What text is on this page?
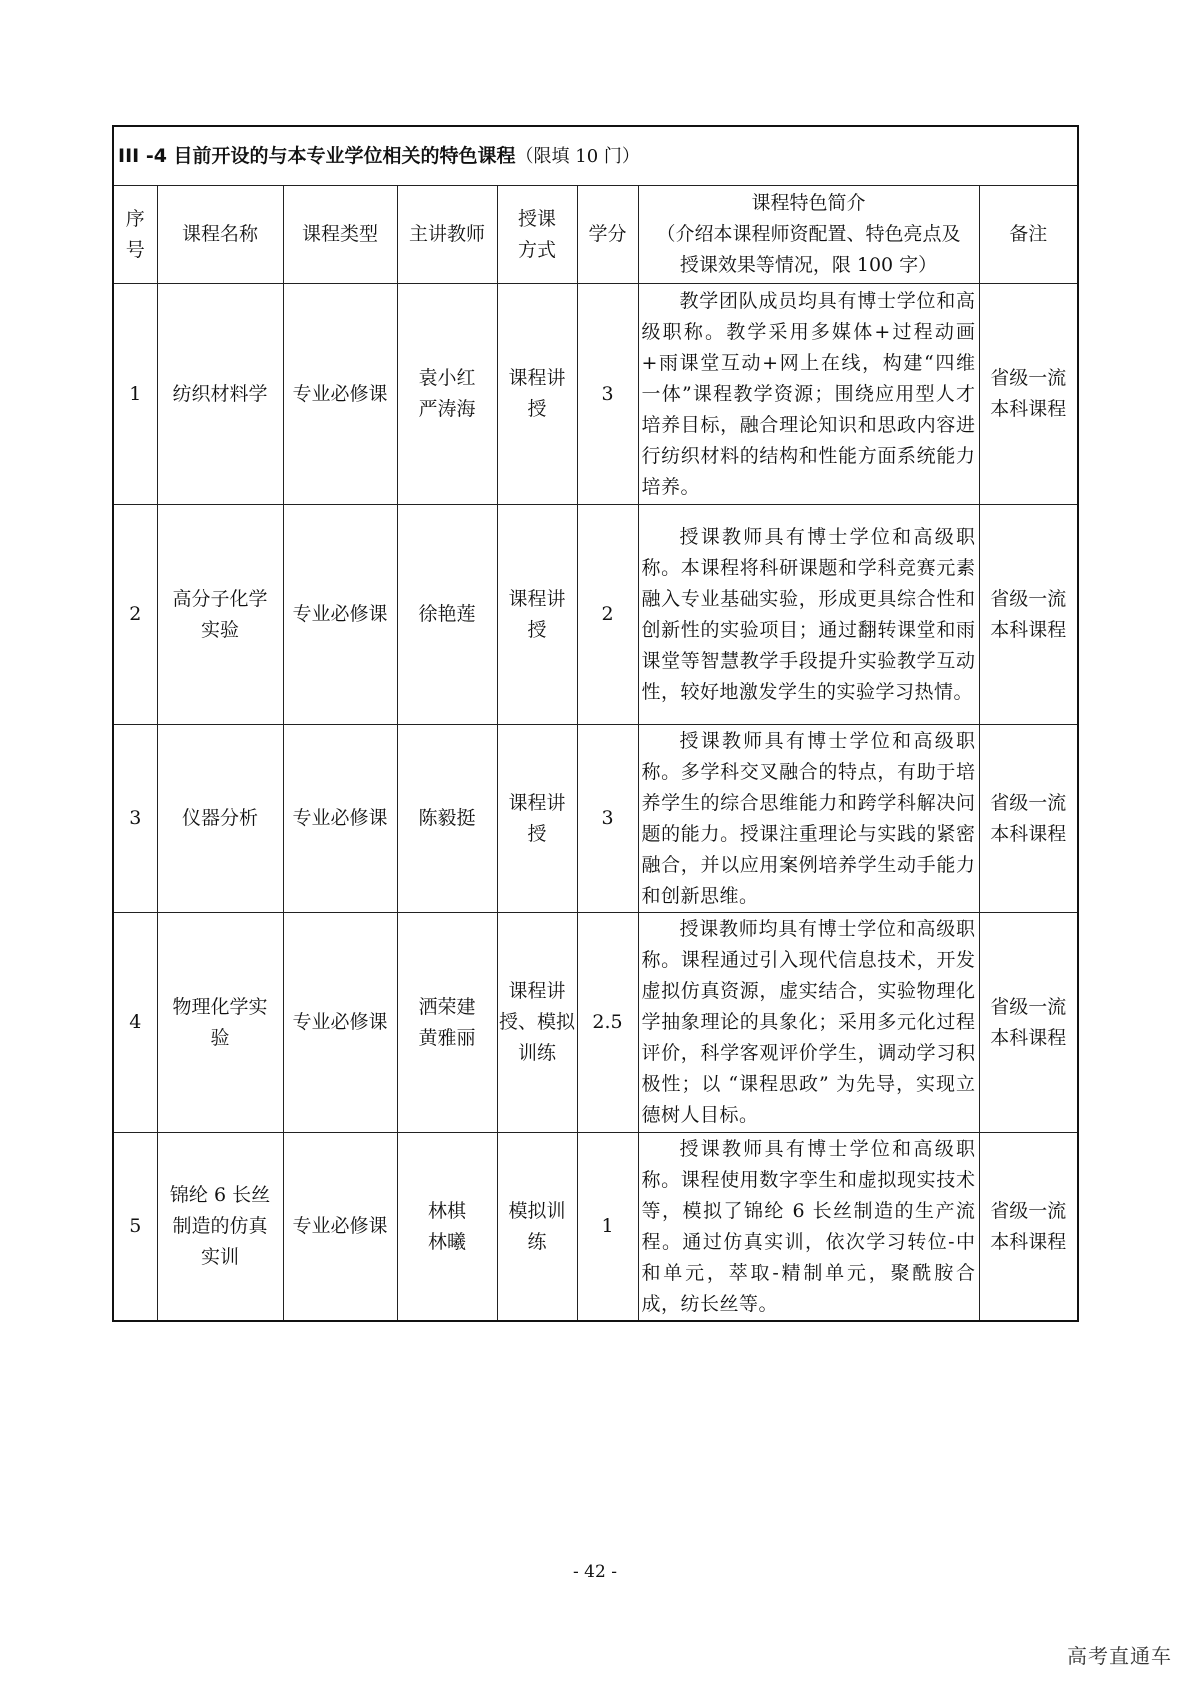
III -4 目前开设的与本专业学位相关的特色课程（限填 10 门）							

序
号	课程名称	课程类型	主讲教师	授课
方式	学分	课程特色简介
（介绍本课程师资配置、特色亮点及
授课效果等情况，限 100 字）	备注
1	纺织材料学	专业必修课	袁小红
严涛海	课程讲
授	3	教学团队成员均具有博士学位和高级职称。教学采用多媒体+过程动画+雨课堂互动+网上在线，构建“四维一体”课程教学资源；围绕应用型人才培养目标，融合理论知识和思政内容进行纺织材料的结构和性能方面系统能力培养。	省级一流
本科课程

2	高分子化学
实验	专业必修课	徐艳莲	课程讲
授	2	授课教师具有博士学位和高级职称。本课程将科研课题和学科竞赛元素融入专业基础实验，形成更具综合性和创新性的实验项目；通过翻转课堂和雨课堂等智慧教学手段提升实验教学互动性，较好地激发学生的实验学习热情。	省级一流
本科课程

3	仪器分析	专业必修课	陈毅挺	课程讲
授	3	授课教师具有博士学位和高级职称。多学科交叉融合的特点，有助于培养学生的综合思维能力和跨学科解决问题的能力。授课注重理论与实践的紧密融合，并以应用案例培养学生动手能力和创新思维。	省级一流
本科课程

4	物理化学实
验	专业必修课	洒荣建
黄雅丽	课程讲
授、模拟
训练	2.5	授课教师均具有博士学位和高级职称。课程通过引入现代信息技术，开发虚拟仿真资源，虚实结合，实验物理化学抽象理论的具象化；采用多元化过程评价，科学客观评价学生，调动学习积极性；以 “课程思政” 为先导，实现立德树人目标。	省级一流
本科课程

5	锦纶 6 长丝
制造的仿真
实训	专业必修课	林棋
林曦	模拟训
练	1	授课教师具有博士学位和高级职称。课程使用数字孪生和虚拟现实技术等，模拟了锦纶 6 长丝制造的生产流程。通过仿真实训，依次学习转位-中和单元，萃取-精制单元，聚酰胺合成，纺长丝等。	省级一流
本科课程
- 42 -
高考直通车
